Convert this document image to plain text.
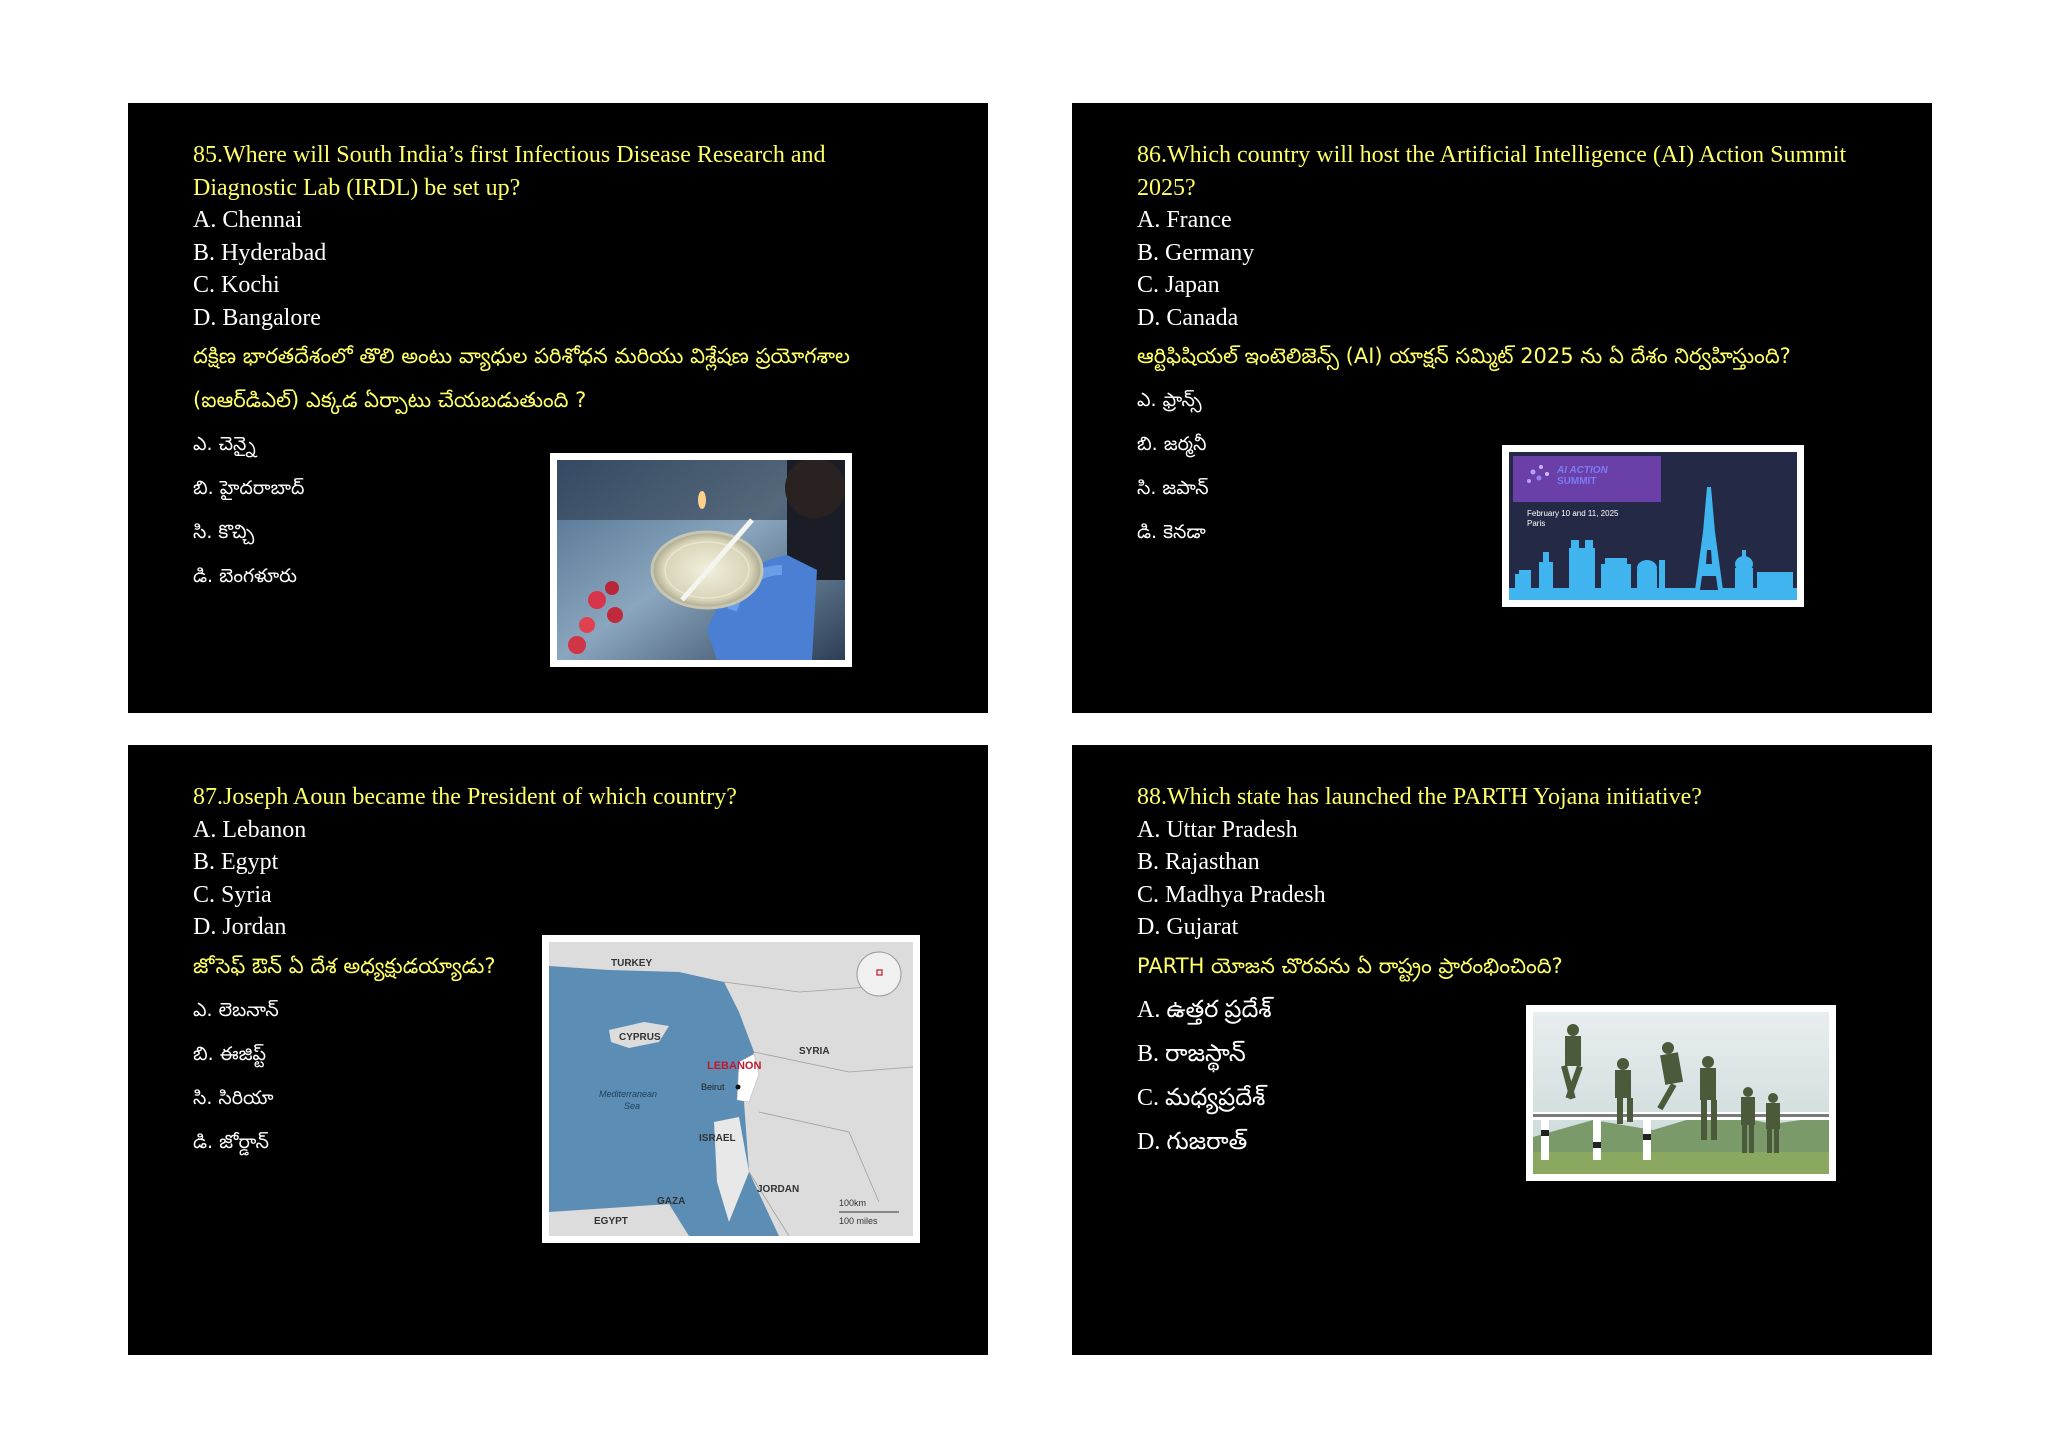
85.Where will South India’s first Infectious Disease Research and Diagnostic Lab (IRDL) be set up?

A. Chennai

B. Hyderabad

C. Kochi

D. Bangalore

దక్షిణ భారతదేశంలో తొలి అంటు వ్యాధుల పరిశోధన మరియు విశ్లేషణ ప్రయోగశాల

(ఐఆర్‌డిఎల్) ఎక్కడ ఏర్పాటు చేయబడుతుంది ?

ఎ. చెన్నై

బి. హైదరాబాద్

సి. కొచ్చి

డి. బెంగళూరు

86.Which country will host the Artificial Intelligence (AI) Action Summit 2025?

A. France

B. Germany

C. Japan

D. Canada

ఆర్టిఫిషియల్ ఇంటెలిజెన్స్ (AI) యాక్షన్ సమ్మిట్ 2025 ను ఏ దేశం నిర్వహిస్తుంది?

ఎ. ఫ్రాన్స్

బి. జర్మనీ

సి. జపాన్

డి. కెనడా

AI ACTION
SUMMIT
February 10 and 11, 2025
Paris

87.Joseph Aoun became the President of which country?

A. Lebanon

B. Egypt

C. Syria

D. Jordan

జోసెఫ్ ఔన్ ఏ దేశ అధ్యక్షుడయ్యాడు?

ఎ. లెబనాన్

బి. ఈజిప్ట్

సి. సిరియా

డి. జోర్డాన్

TURKEY
CYPRUS
SYRIA
LEBANON
Beirut
Mediterranean
Sea
ISRAEL
GAZA
JORDAN
EGYPT
100km
100 miles

88.Which state has launched the PARTH Yojana initiative?

A. Uttar Pradesh

B. Rajasthan

C. Madhya Pradesh

D. Gujarat

PARTH యోజన చొరవను ఏ రాష్ట్రం ప్రారంభించింది?

A. ఉత్తర ప్రదేశ్

B. రాజస్థాన్

C. మధ్యప్రదేశ్

D. గుజరాత్
